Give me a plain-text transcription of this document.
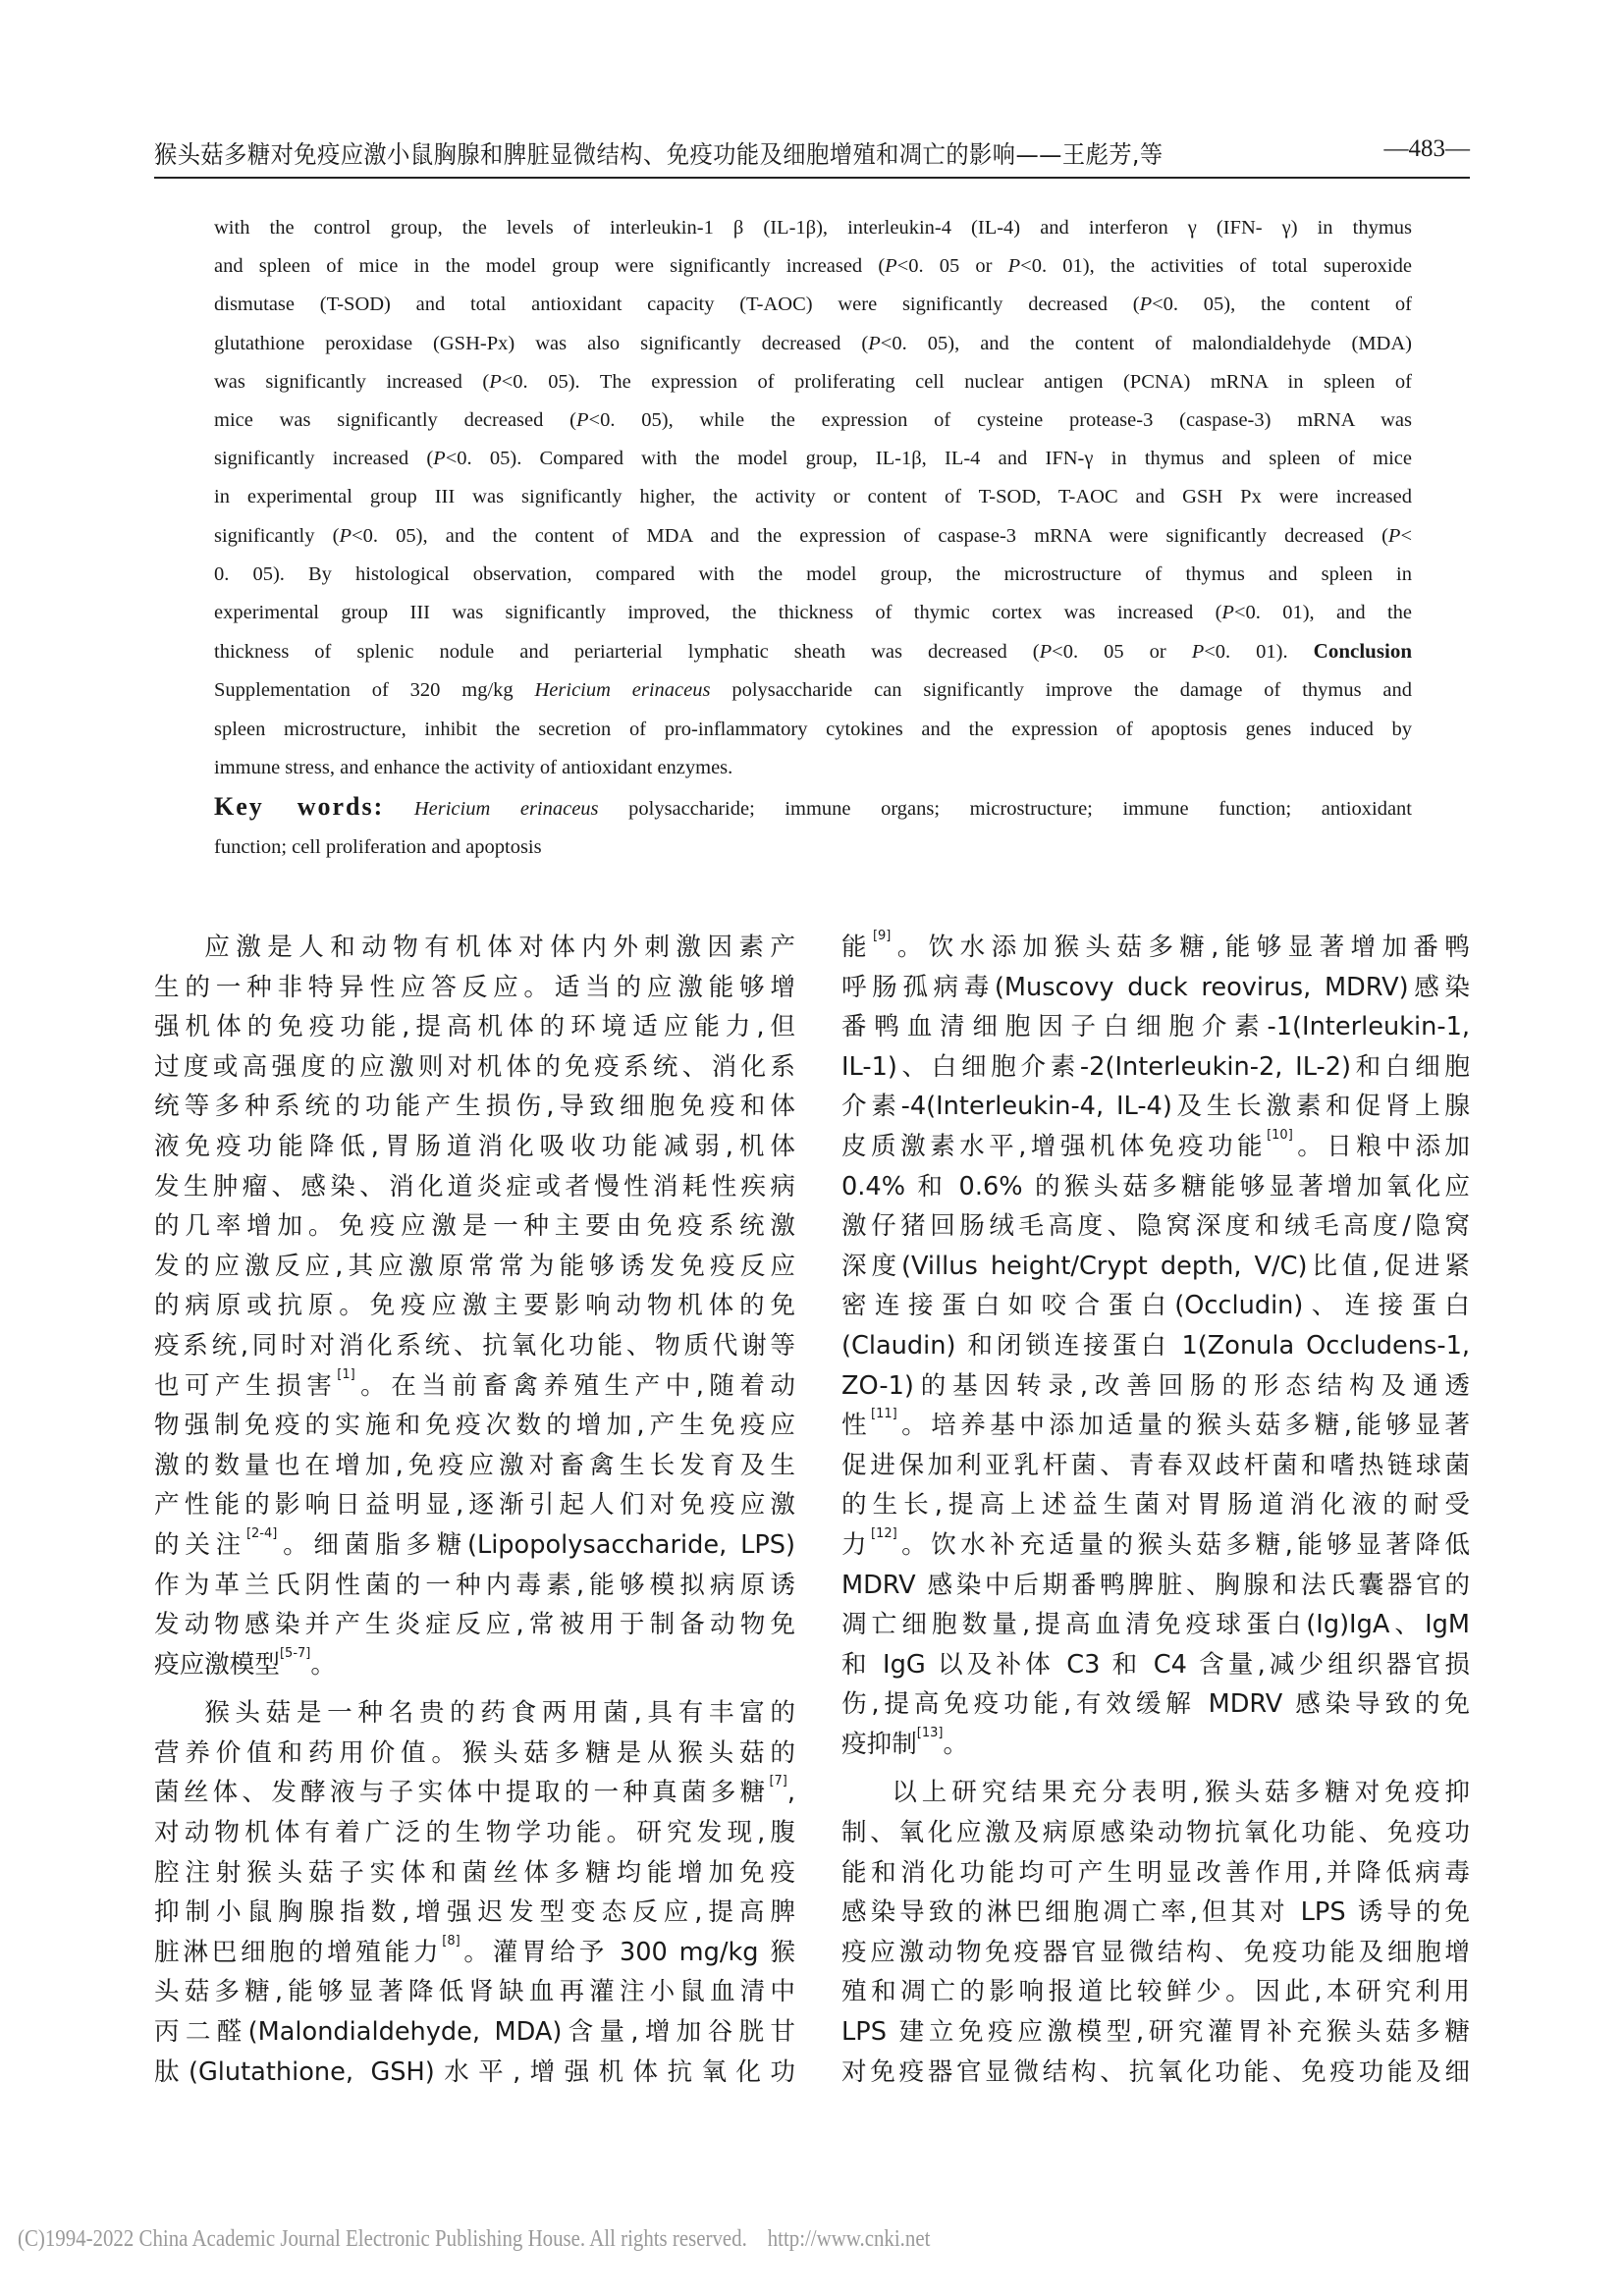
猴头菇多糖对免疫应激小鼠胸腺和脾脏显微结构、免疫功能及细胞增殖和凋亡的影响——王彪芳,等	—483—

with the control group, the levels of interleukin-1 β (IL-1β), interleukin-4 (IL-4) and interferon γ (IFN- γ) in thymus

and spleen of mice in the model group were significantly increased (P<0. 05 or P<0. 01), the activities of total superoxide

dismutase (T-SOD) and total antioxidant capacity (T-AOC) were significantly decreased (P<0. 05), the content of

glutathione peroxidase (GSH-Px) was also significantly decreased (P<0. 05), and the content of malondialdehyde (MDA)

was significantly increased (P<0. 05). The expression of proliferating cell nuclear antigen (PCNA) mRNA in spleen of

mice was significantly decreased (P<0. 05), while the expression of cysteine protease-3 (caspase-3) mRNA was

significantly increased (P<0. 05). Compared with the model group, IL-1β, IL-4 and IFN-γ in thymus and spleen of mice

in experimental group III was significantly higher, the activity or content of T-SOD, T-AOC and GSH Px were increased

significantly (P<0. 05), and the content of MDA and the expression of caspase-3 mRNA were significantly decreased (P<

0. 05). By histological observation, compared with the model group, the microstructure of thymus and spleen in

experimental group III was significantly improved, the thickness of thymic cortex was increased (P<0. 01), and the

thickness of splenic nodule and periarterial lymphatic sheath was decreased (P<0. 05 or P<0. 01). Conclusion

Supplementation of 320 mg/kg Hericium erinaceus polysaccharide can significantly improve the damage of thymus and

spleen microstructure, inhibit the secretion of pro-inflammatory cytokines and the expression of apoptosis genes induced by

immune stress, and enhance the activity of antioxidant enzymes.

Key words: Hericium erinaceus polysaccharide; immune organs; microstructure; immune function; antioxidant

function; cell proliferation and apoptosis

应激是人和动物有机体对体内外刺激因素产
生的一种非特异性应答反应。适当的应激能够增
强机体的免疫功能,提高机体的环境适应能力,但
过度或高强度的应激则对机体的免疫系统、消化系
统等多种系统的功能产生损伤,导致细胞免疫和体
液免疫功能降低,胃肠道消化吸收功能减弱,机体
发生肿瘤、感染、消化道炎症或者慢性消耗性疾病
的几率增加。免疫应激是一种主要由免疫系统激
发的应激反应,其应激原常常为能够诱发免疫反应
的病原或抗原。免疫应激主要影响动物机体的免
疫系统,同时对消化系统、抗氧化功能、物质代谢等
也可产生损害[1]。在当前畜禽养殖生产中,随着动
物强制免疫的实施和免疫次数的增加,产生免疫应
激的数量也在增加,免疫应激对畜禽生长发育及生
产性能的影响日益明显,逐渐引起人们对免疫应激
的关注[2-4]。细菌脂多糖(Lipopolysaccharide, LPS)
作为革兰氏阴性菌的一种内毒素,能够模拟病原诱
发动物感染并产生炎症反应,常被用于制备动物免
疫应激模型[5-7]。
猴头菇是一种名贵的药食两用菌,具有丰富的
营养价值和药用价值。猴头菇多糖是从猴头菇的
菌丝体、发酵液与子实体中提取的一种真菌多糖[7],
对动物机体有着广泛的生物学功能。研究发现,腹
腔注射猴头菇子实体和菌丝体多糖均能增加免疫
抑制小鼠胸腺指数,增强迟发型变态反应,提高脾
脏淋巴细胞的增殖能力[8]。灌胃给予 300 mg/kg 猴
头菇多糖,能够显著降低肾缺血再灌注小鼠血清中
丙二醛(Malondialdehyde, MDA)含量,增加谷胱甘
肽(Glutathione, GSH)水平,增强机体抗氧化功
能[9]。饮水添加猴头菇多糖,能够显著增加番鸭
呼肠孤病毒(Muscovy duck reovirus, MDRV)感染
番鸭血清细胞因子白细胞介素-1(Interleukin-1,
IL-1)、白细胞介素-2(Interleukin-2, IL-2)和白细胞
介素-4(Interleukin-4, IL-4)及生长激素和促肾上腺
皮质激素水平,增强机体免疫功能[10]。日粮中添加
0.4% 和 0.6% 的猴头菇多糖能够显著增加氧化应
激仔猪回肠绒毛高度、隐窝深度和绒毛高度/隐窝
深度(Villus height/Crypt depth, V/C)比值,促进紧
密连接蛋白如咬合蛋白(Occludin)、连接蛋白
(Claudin) 和闭锁连接蛋白 1(Zonula Occludens-1,
ZO-1)的基因转录,改善回肠的形态结构及通透
性[11]。培养基中添加适量的猴头菇多糖,能够显著
促进保加利亚乳杆菌、青春双歧杆菌和嗜热链球菌
的生长,提高上述益生菌对胃肠道消化液的耐受
力[12]。饮水补充适量的猴头菇多糖,能够显著降低
MDRV 感染中后期番鸭脾脏、胸腺和法氏囊器官的
凋亡细胞数量,提高血清免疫球蛋白(Ig)IgA、IgM
和 IgG 以及补体 C3 和 C4 含量,减少组织器官损
伤,提高免疫功能,有效缓解 MDRV 感染导致的免
疫抑制[13]。
以上研究结果充分表明,猴头菇多糖对免疫抑
制、氧化应激及病原感染动物抗氧化功能、免疫功
能和消化功能均可产生明显改善作用,并降低病毒
感染导致的淋巴细胞凋亡率,但其对 LPS 诱导的免
疫应激动物免疫器官显微结构、免疫功能及细胞增
殖和凋亡的影响报道比较鲜少。因此,本研究利用
LPS 建立免疫应激模型,研究灌胃补充猴头菇多糖
对免疫器官显微结构、抗氧化功能、免疫功能及细
(C)1994-2022 China Academic Journal Electronic Publishing House. All rights reserved. http://www.cnki.net
